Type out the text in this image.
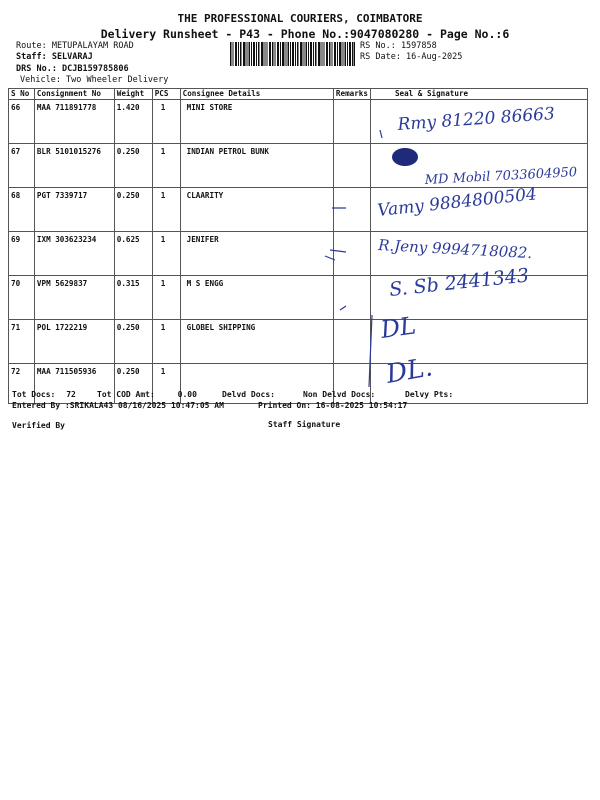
THE PROFESSIONAL COURIERS, COIMBATORE
Delivery Runsheet - P43 - Phone No.:9047080280 - Page No.:6
Route: METUPALAYAM ROAD
Staff: SELVARAJ
DRS No.: DCJB159785806
Vehicle: Two Wheeler Delivery
RS No.: 1597858
RS Date: 16-Aug-2025
S No	Consignment No	Weight	PCS	Consignee Details	Remarks	Seal & Signature
66	MAA 711891778	1.420	1	MINI STORE		
67	BLR 5101015276	0.250	1	INDIAN PETROL BUNK		
68	PGT 7339717	0.250	1	CLAARITY		
69	IXM 303623234	0.625	1	JENIFER		
70	VPM 5629837	0.315	1	M S ENGG		
71	POL 1722219	0.250	1	GLOBEL SHIPPING		
72	MAA 711505936	0.250	1			
Rmy 81220 86663
MD Mobil 7033604950
Vamy 9884800504
R.Jeny 9994718082.
S. Sb 2441343
DL
DL.
Tot Docs: 72	Tot COD Amt:	0.00	Delvd Docs:	Non Delvd Docs:	Delvy Pts:
Entered By :SRIKALA43 08/16/2025 10:47:05 AM	Printed On: 16-08-2025 10:54:17
Verified By	Staff Signature
